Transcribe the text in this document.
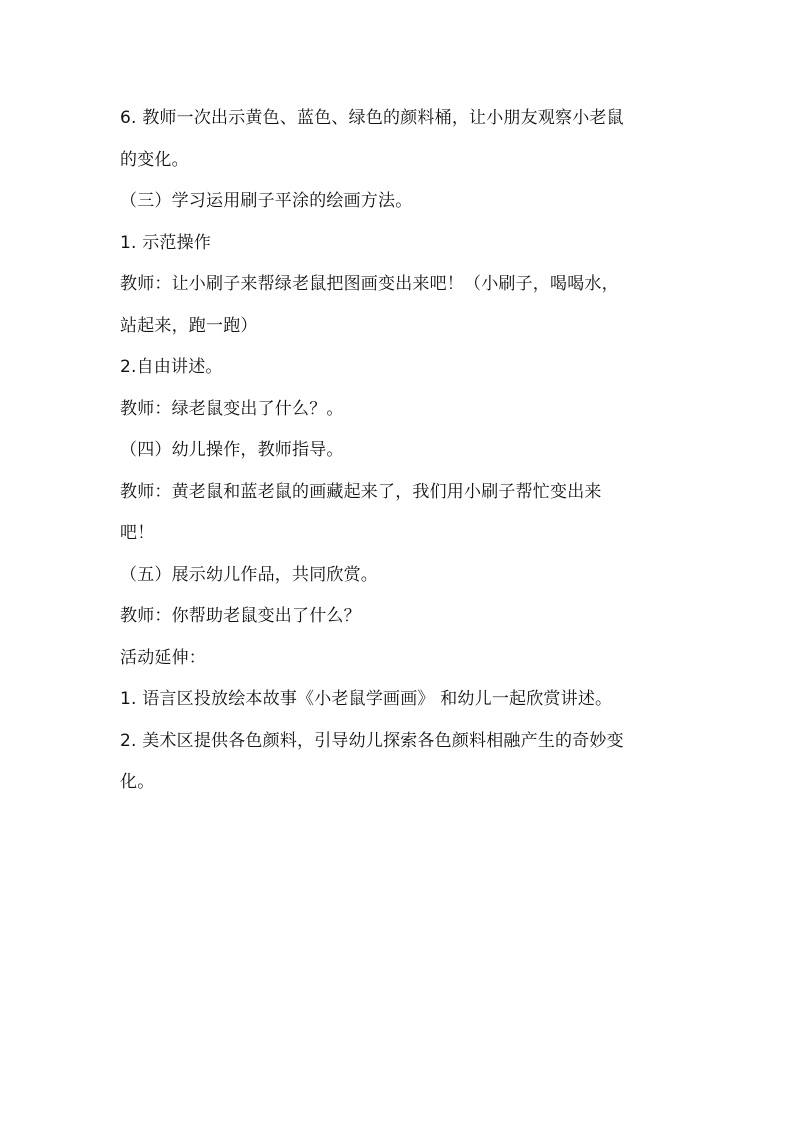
6. 教师一次出示黄色、蓝色、绿色的颜料桶，让小朋友观察小老鼠
的变化。
（三）学习运用刷子平涂的绘画方法。
1. 示范操作
教师：让小刷子来帮绿老鼠把图画变出来吧！（小刷子，喝喝水，
站起来，跑一跑）
2.自由讲述。
教师：绿老鼠变出了什么？。
（四）幼儿操作，教师指导。
教师：黄老鼠和蓝老鼠的画藏起来了，我们用小刷子帮忙变出来
吧！
（五）展示幼儿作品，共同欣赏。
教师：你帮助老鼠变出了什么？
活动延伸：
1. 语言区投放绘本故事《小老鼠学画画》 和幼儿一起欣赏讲述。
2. 美术区提供各色颜料，引导幼儿探索各色颜料相融产生的奇妙变
化。
